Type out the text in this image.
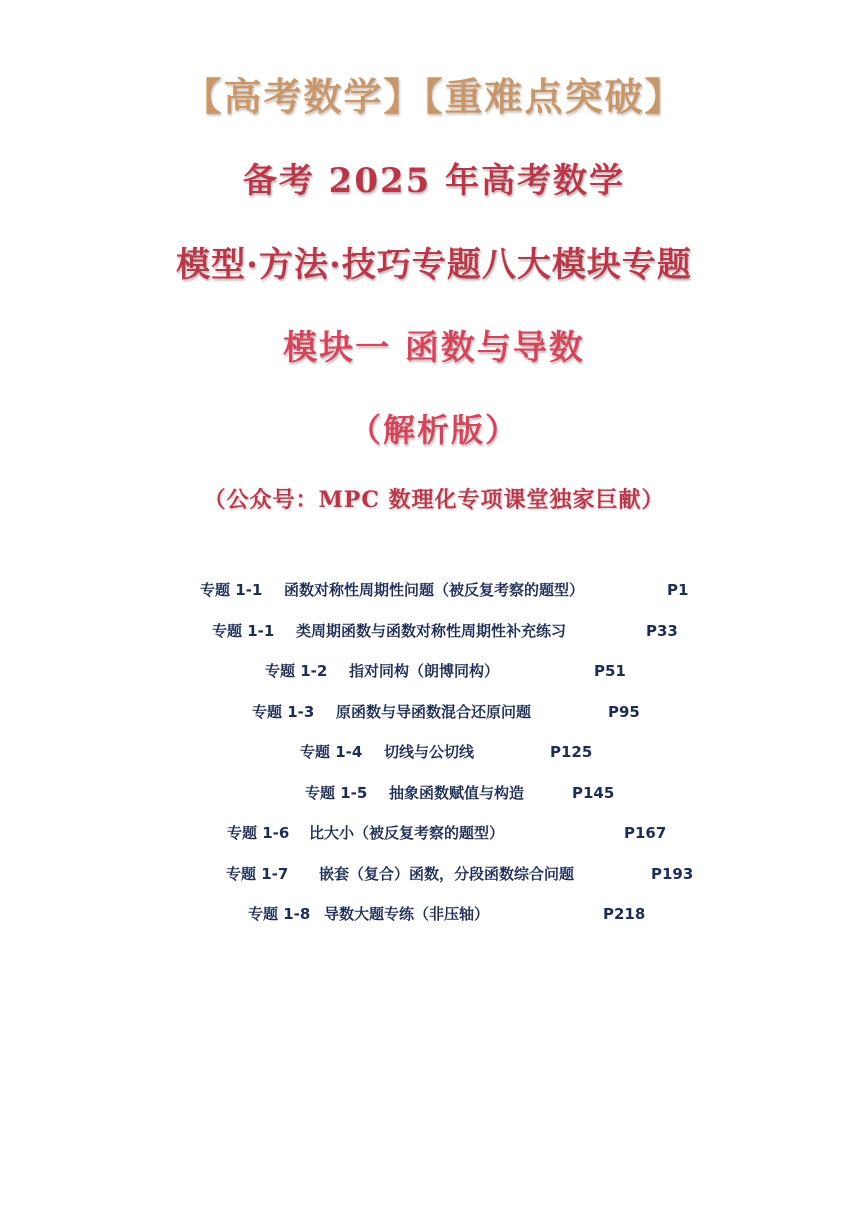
【高考数学】【重难点突破】
备考 2025 年高考数学
模型·方法·技巧专题八大模块专题
模块一 函数与导数
（解析版）
（公众号：MPC 数理化专项课堂独家巨献）
专题 1-1 函数对称性周期性问题（被反复考察的题型）	P1
专题 1-1 类周期函数与函数对称性周期性补充练习	P33
专题 1-2 指对同构（朗博同构）	P51
专题 1-3 原函数与导函数混合还原问题	P95
专题 1-4 切线与公切线	P125
专题 1-5 抽象函数赋值与构造	P145
专题 1-6 比大小（被反复考察的题型）	P167
专题 1-7 嵌套（复合）函数，分段函数综合问题	P193
专题 1-8 导数大题专练（非压轴）	P218
